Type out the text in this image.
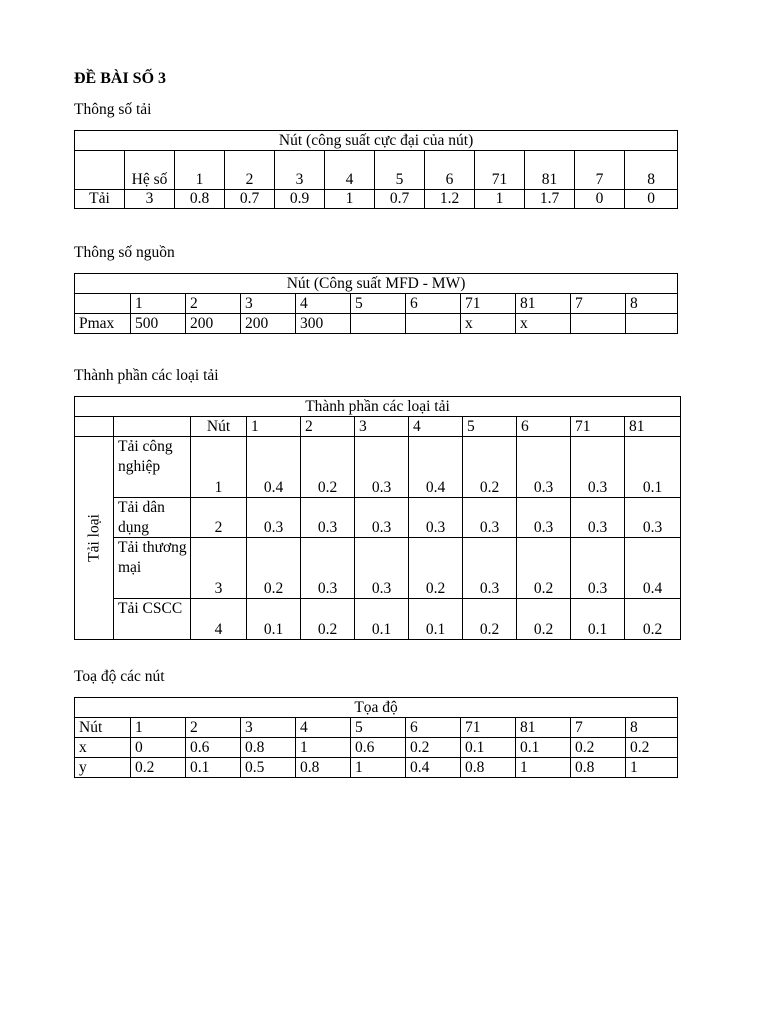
ĐỀ BÀI SỐ 3
Thông số tải
Nút (công suất cực đại của nút)											
	Hệ số	1	2	3	4	5	6	71	81	7	8
Tải	3	0.8	0.7	0.9	1	0.7	1.2	1	1.7	0	0
Thông số nguồn
Nút (Công suất MFD - MW)										
	1	2	3	4	5	6	71	81	7	8
Pmax	500	200	200	300			x	x		
Thành phần các loại tải
Thành phần các loại tải										
		Nút	1	2	3	4	5	6	71	81

Tải loại	Tải công nghiệp	1	0.4	0.2	0.3	0.4	0.2	0.3	0.3	0.1
	Tải dân dụng	2	0.3	0.3	0.3	0.3	0.3	0.3	0.3	0.3
	Tải thương mại	3	0.2	0.3	0.3	0.2	0.3	0.2	0.3	0.4
	Tải CSCC	4	0.1	0.2	0.1	0.1	0.2	0.2	0.1	0.2
Toạ độ các nút
Tọa độ										
Nút	1	2	3	4	5	6	71	81	7	8
x	0	0.6	0.8	1	0.6	0.2	0.1	0.1	0.2	0.2
y	0.2	0.1	0.5	0.8	1	0.4	0.8	1	0.8	1
